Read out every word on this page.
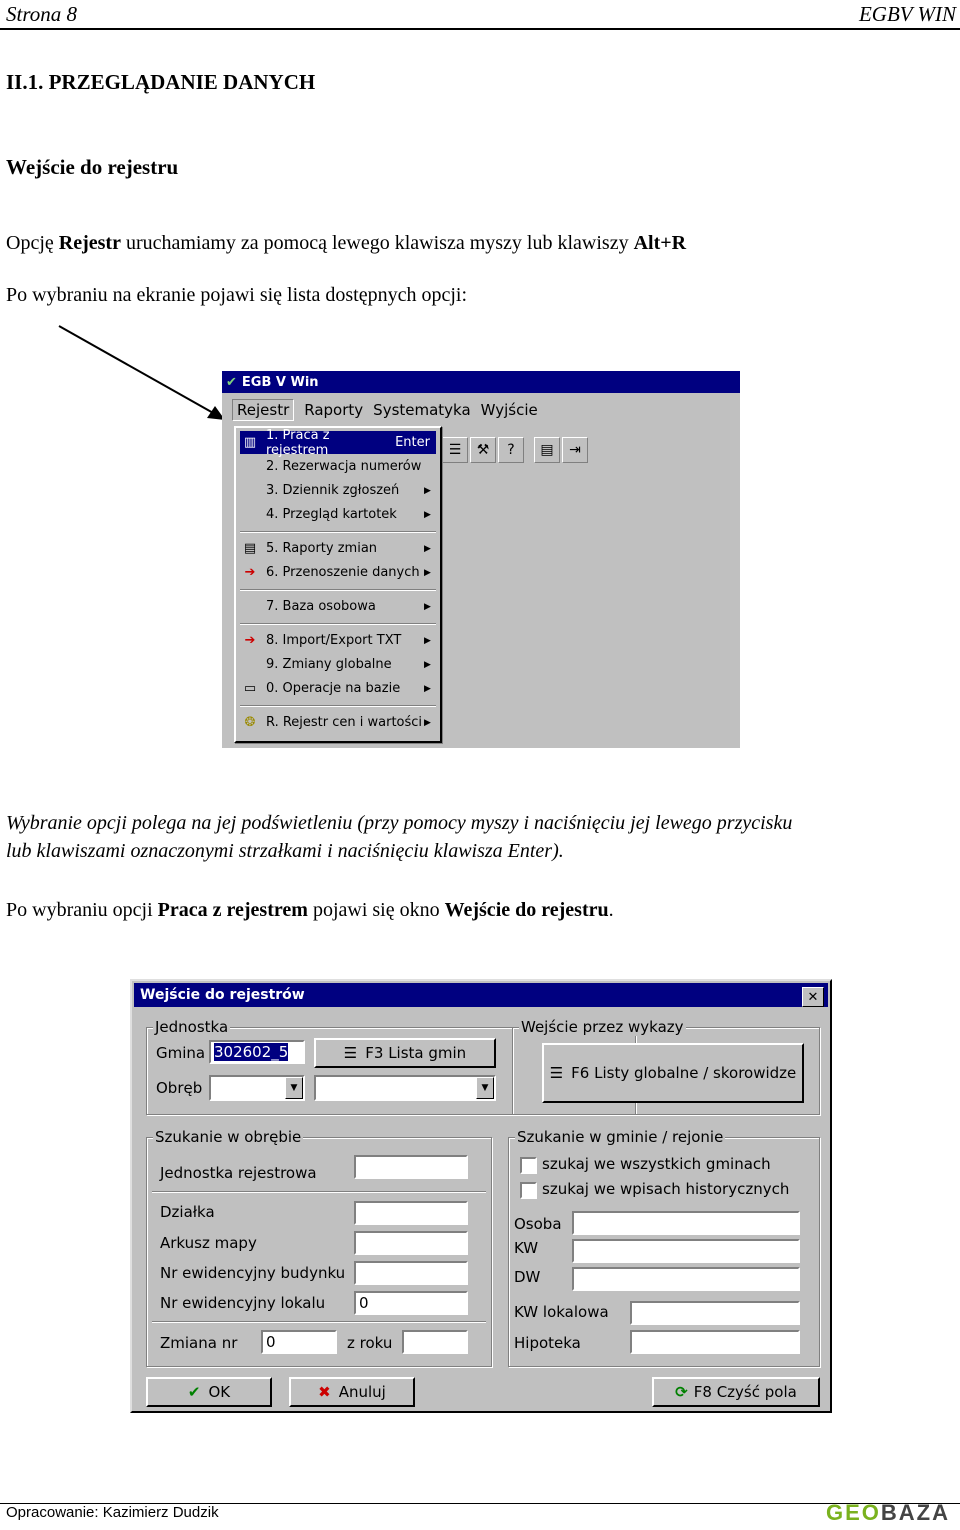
Strona 8	EGBV WIN
II.1. PRZEGLĄDANIE DANYCH
Wejście do rejestru
Opcję Rejestr uruchamiamy za pomocą lewego klawisza myszy lub klawiszy Alt+R
Po wybraniu na ekranie pojawi się lista dostępnych opcji:
✔ EGB V Win
Rejestr	Raporty Systematyka Wyjście
☰	⚒	?	▤	⇥
▥ 1. Praca z rejestrem	Enter
2. Rezerwacja numerów
3. Dziennik zgłoszeń	▶
4. Przegląd kartotek	▶
▤ 5. Raporty zmian	▶
➔ 6. Przenoszenie danych ▶
7. Baza osobowa	▶
➔ 8. Import/Export TXT	▶
9. Zmiany globalne	▶
▭ 0. Operacje na bazie	▶
❂ R. Rejestr cen i wartości ▶
Wybranie opcji polega na jej podświetleniu (przy pomocy myszy i naciśnięciu jej lewego przycisku
lub klawiszami oznaczonymi strzałkami i naciśnięciu klawisza Enter).
Po wybraniu opcji Praca z rejestrem pojawi się okno Wejście do rejestru.
Wejście do rejestrów	✕
Jednostka
Gmina 302602_5	☰ F3 Lista gmin
Obręb	▼	▼
Wejście przez wykazy
☰ F6 Listy globalne / skorowidze
Szukanie w obrębie
Jednostka rejestrowa
Działka
Arkusz mapy
Nr ewidencyjny budynku
Nr ewidencyjny lokalu	0
Zmiana nr	0	z roku
Szukanie w gminie / rejonie
szukaj we wszystkich gminach
szukaj we wpisach historycznych
Osoba
KW
DW
KW lokalowa
Hipoteka
✔ OK	✖ Anuluj	⟳ F8 Czyść pola
Opracowanie: Kazimierz Dudzik	GEOBAZA
